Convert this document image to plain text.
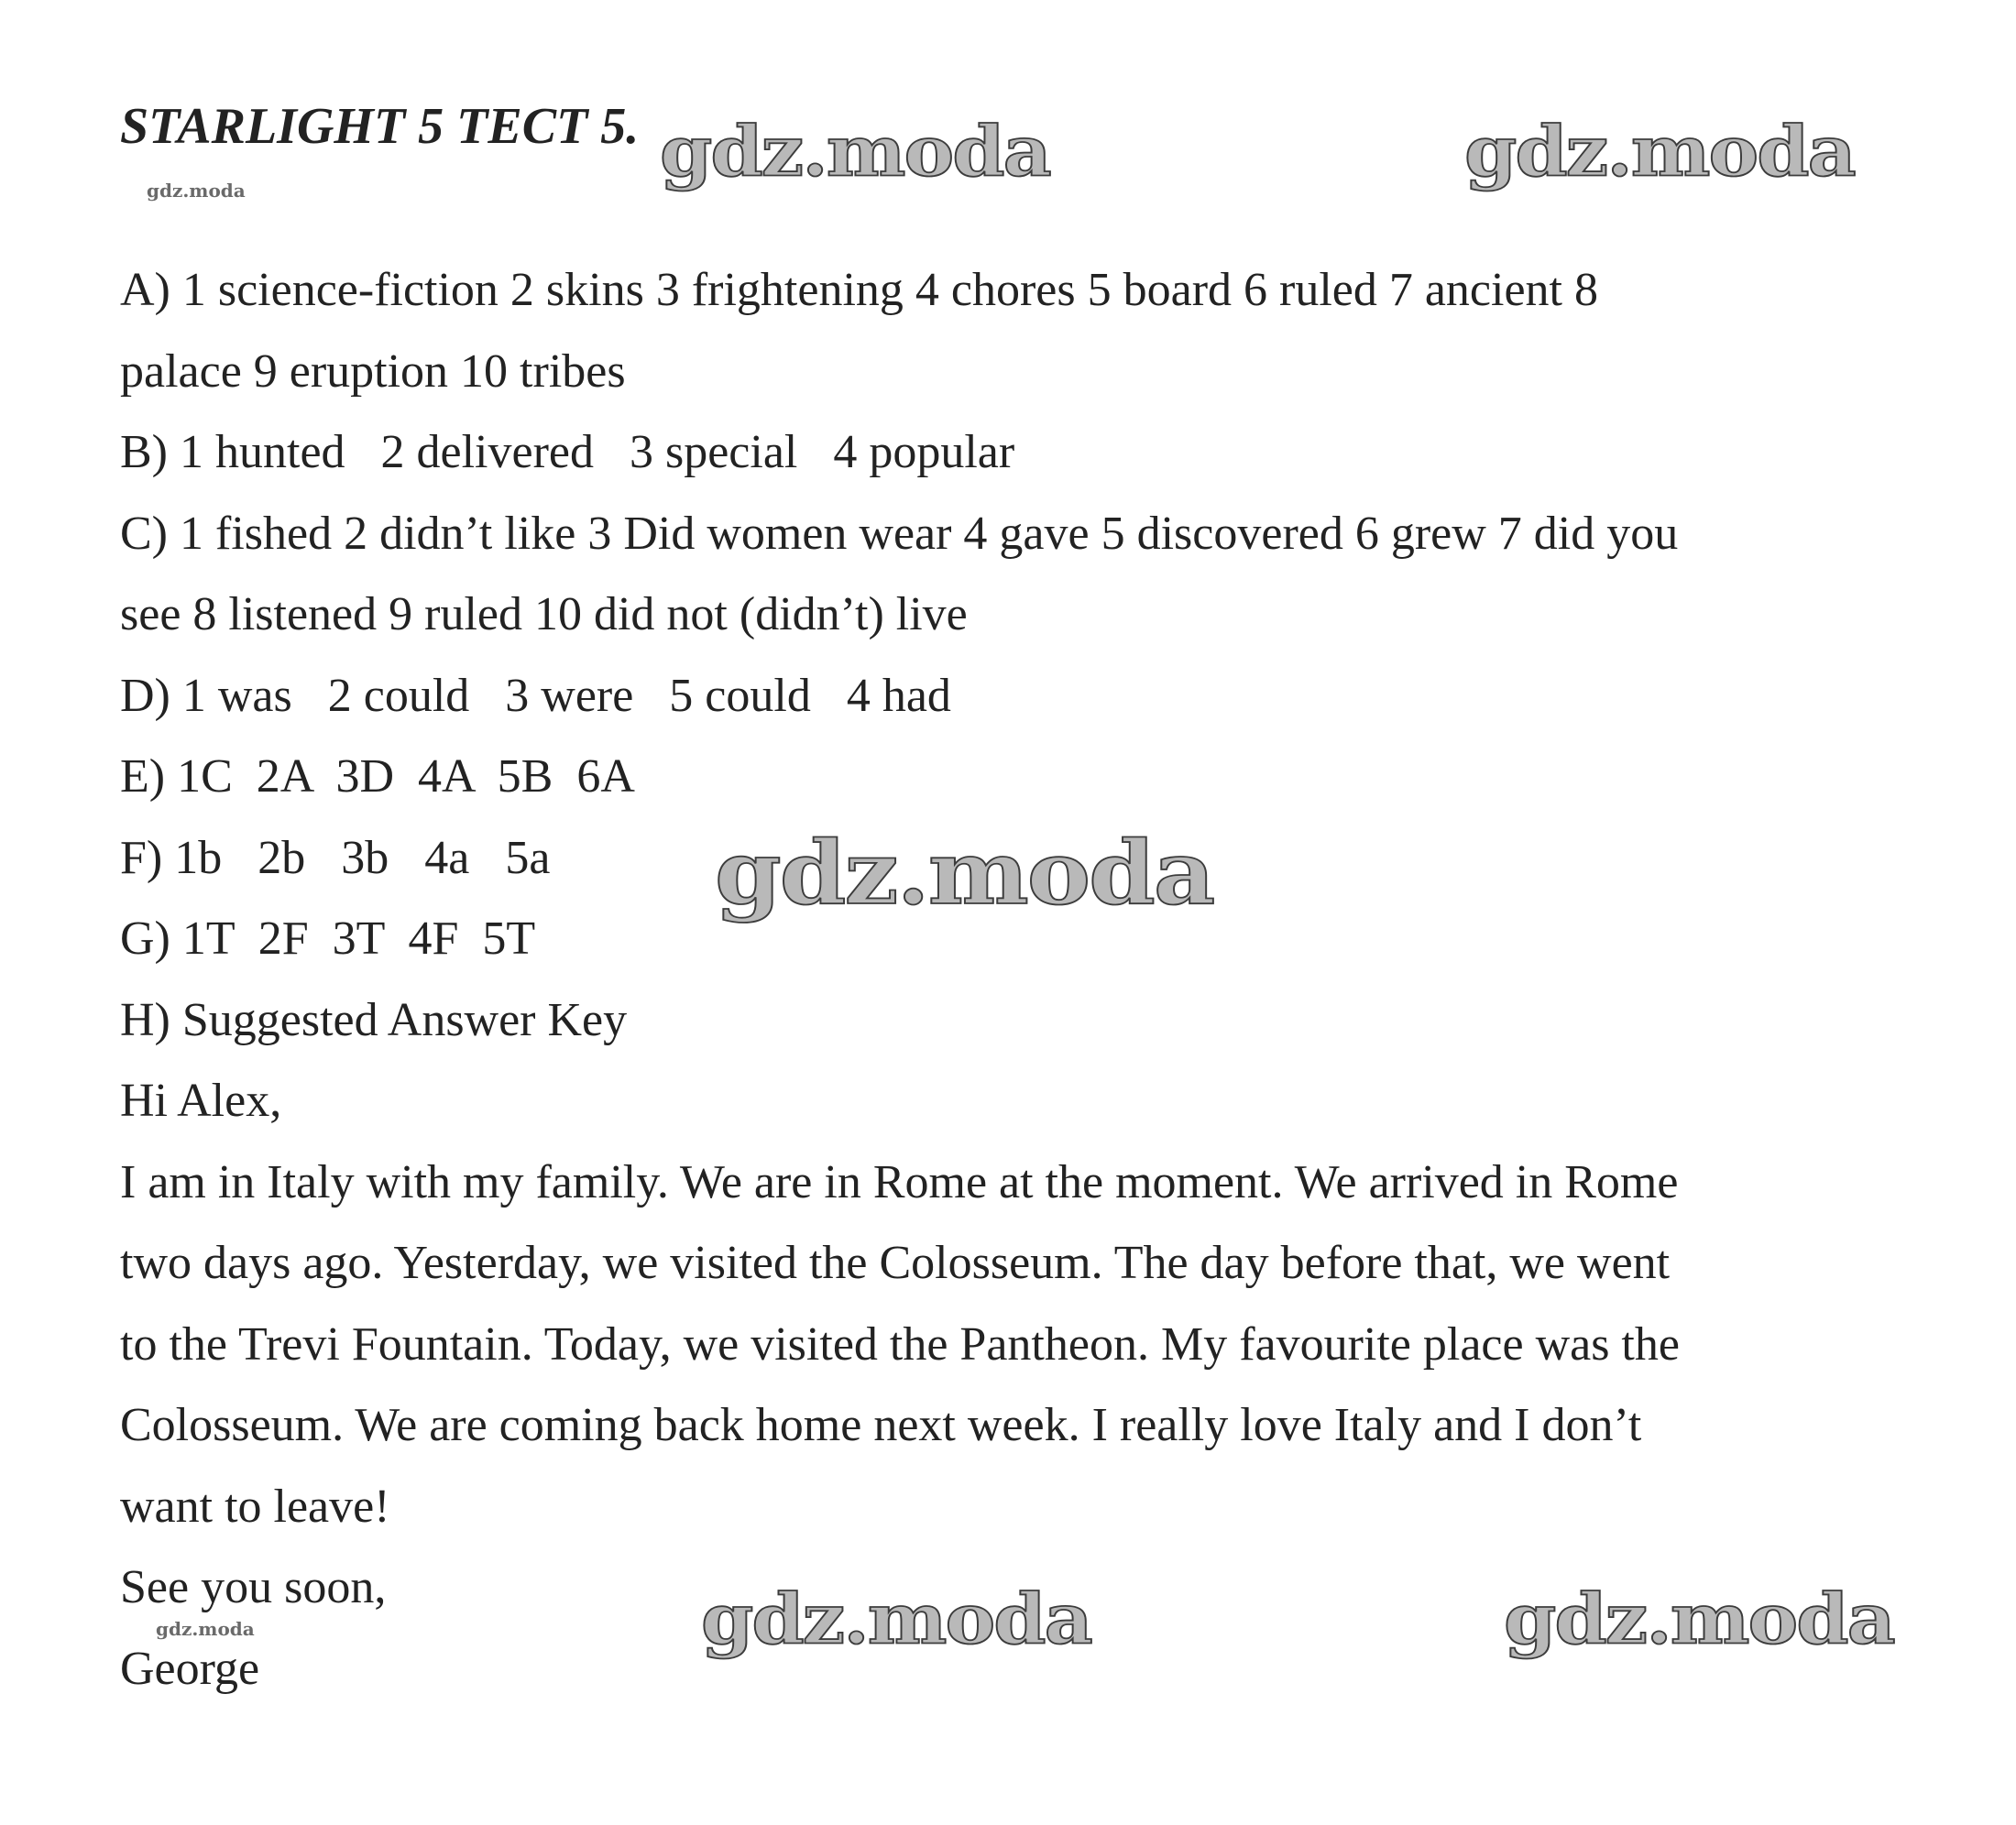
STARLIGHT 5 ТЕСТ 5.
A) 1 science-fiction 2 skins 3 frightening 4 chores 5 board 6 ruled 7 ancient 8
palace 9 eruption 10 tribes
B) 1 hunted   2 delivered   3 special   4 popular
C) 1 fished 2 didn’t like 3 Did women wear 4 gave 5 discovered 6 grew 7 did you
see 8 listened 9 ruled 10 did not (didn’t) live
D) 1 was   2 could   3 were   5 could   4 had
E) 1C  2A  3D  4A  5B  6A
F) 1b   2b   3b   4a   5a
G) 1T  2F  3T  4F  5T
H) Suggested Answer Key
Hi Alex,
I am in Italy with my family. We are in Rome at the moment. We arrived in Rome
two days ago. Yesterday, we visited the Colosseum. The day before that, we went
to the Trevi Fountain. Today, we visited the Pantheon. My favourite place was the
Colosseum. We are coming back home next week. I really love Italy and I don’t
want to leave!
See you soon,
George
gdz.moda	gdz.moda
gdz.moda
gdz.moda
gdz.moda	gdz.moda
gdz.moda
